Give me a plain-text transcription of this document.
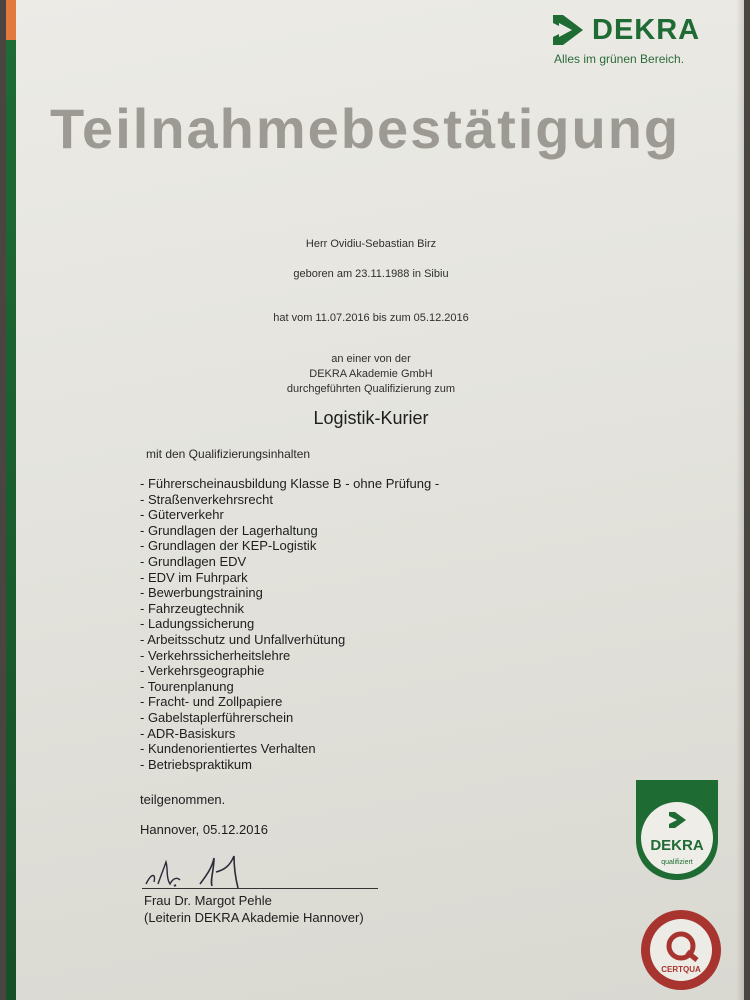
DEKRA
Alles im grünen Bereich.
Teilnahmebestätigung
Herr Ovidiu-Sebastian Birz
geboren am 23.11.1988 in Sibiu
hat vom 11.07.2016 bis zum 05.12.2016
an einer von der
DEKRA Akademie GmbH
durchgeführten Qualifizierung zum
Logistik-Kurier
mit den Qualifizierungsinhalten
- Führerscheinausbildung Klasse B - ohne Prüfung -
- Straßenverkehrsrecht
- Güterverkehr
- Grundlagen der Lagerhaltung
- Grundlagen der KEP-Logistik
- Grundlagen EDV
- EDV im Fuhrpark
- Bewerbungstraining
- Fahrzeugtechnik
- Ladungssicherung
- Arbeitsschutz und Unfallverhütung
- Verkehrssicherheitslehre
- Verkehrsgeographie
- Tourenplanung
- Fracht- und Zollpapiere
- Gabelstaplerführerschein
- ADR-Basiskurs
- Kundenorientiertes Verhalten
- Betriebspraktikum
teilgenommen.
Hannover, 05.12.2016
Frau Dr. Margot Pehle
(Leiterin DEKRA Akademie Hannover)
DEKRA
qualifiziert
CERTQUA
